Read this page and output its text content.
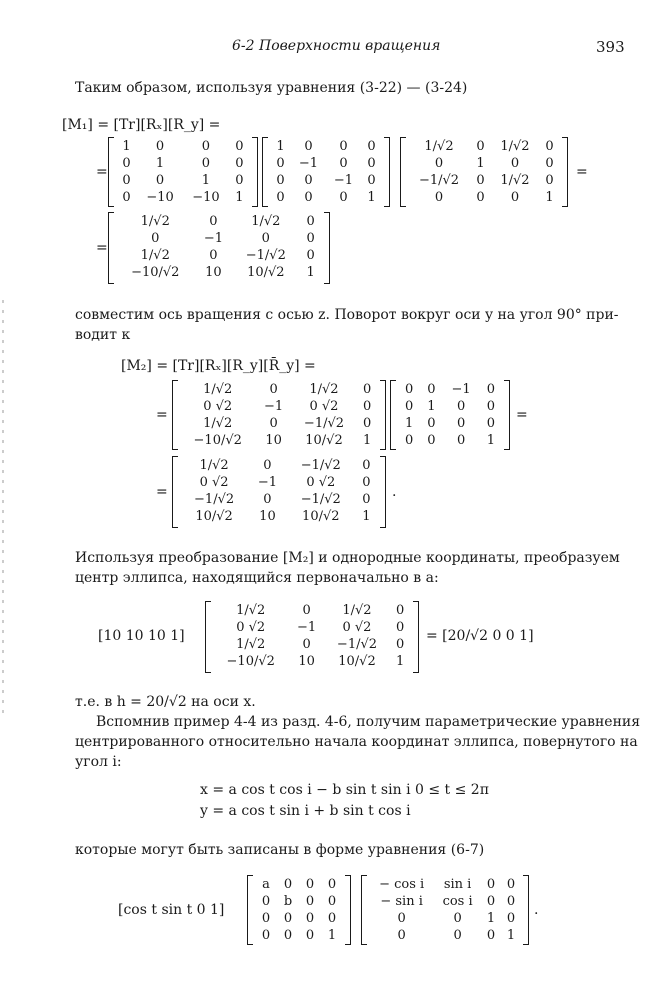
6-2 Поверхности вращения	393
Таким образом, используя уравнения (3-22) — (3-24)
[M₁] = [Tr][Rₓ][R_y] =
=
1	0	0	0
0	1	0	0
0	0	1	0
0	−10	−10	1
1	0	0	0
0	−1	0	0
0	0	−1	0
0	0	0	1
1/√2	0	1/√2	0
0	1	0	0
−1/√2	0	1/√2	0
0	0	0	1
=
=
1/√2	0	1/√2	0
0	−1	0	0
1/√2	0	−1/√2	0
−10/√2	10	10/√2	1
совместим ось вращения с осью z. Поворот вокруг оси y на угол 90° при-
водит к
[M₂] = [Tr][Rₓ][R_y][R̄_y] =
=
1/√2	0	1/√2	0
0 √2	−1	0 √2	0
1/√2	0	−1/√2	0
−10/√2	10	10/√2	1
0	0	−1	0
0	1	0	0
1	0	0	0
0	0	0	1
=
=
1/√2	0	−1/√2	0
0 √2	−1	0 √2	0
−1/√2	0	−1/√2	0
10/√2	10	10/√2	1
.
Используя преобразование [M₂] и однородные координаты, преобразуем
центр эллипса, находящийся первоначально в a:
[10 10 10 1]
1/√2	0	1/√2	0
0 √2	−1	0 √2	0
1/√2	0	−1/√2	0
−10/√2	10	10/√2	1
= [20/√2 0 0 1]
т.е. в h = 20/√2 на оси x.
Вспомнив пример 4-4 из разд. 4-6, получим параметрические уравнения
центрированного относительно начала координат эллипса, повернутого на
угол i:
x = a cos t cos i − b sin t sin i 0 ≤ t ≤ 2π
y = a cos t sin i + b sin t cos i
которые могут быть записаны в форме уравнения (6-7)
[cos t sin t 0 1]
a	0	0	0
0	b	0	0
0	0	0	0
0	0	0	1
− cos i	sin i	0	0
− sin i	cos i	0	0
0	0	1	0
0	0	0	1
.
